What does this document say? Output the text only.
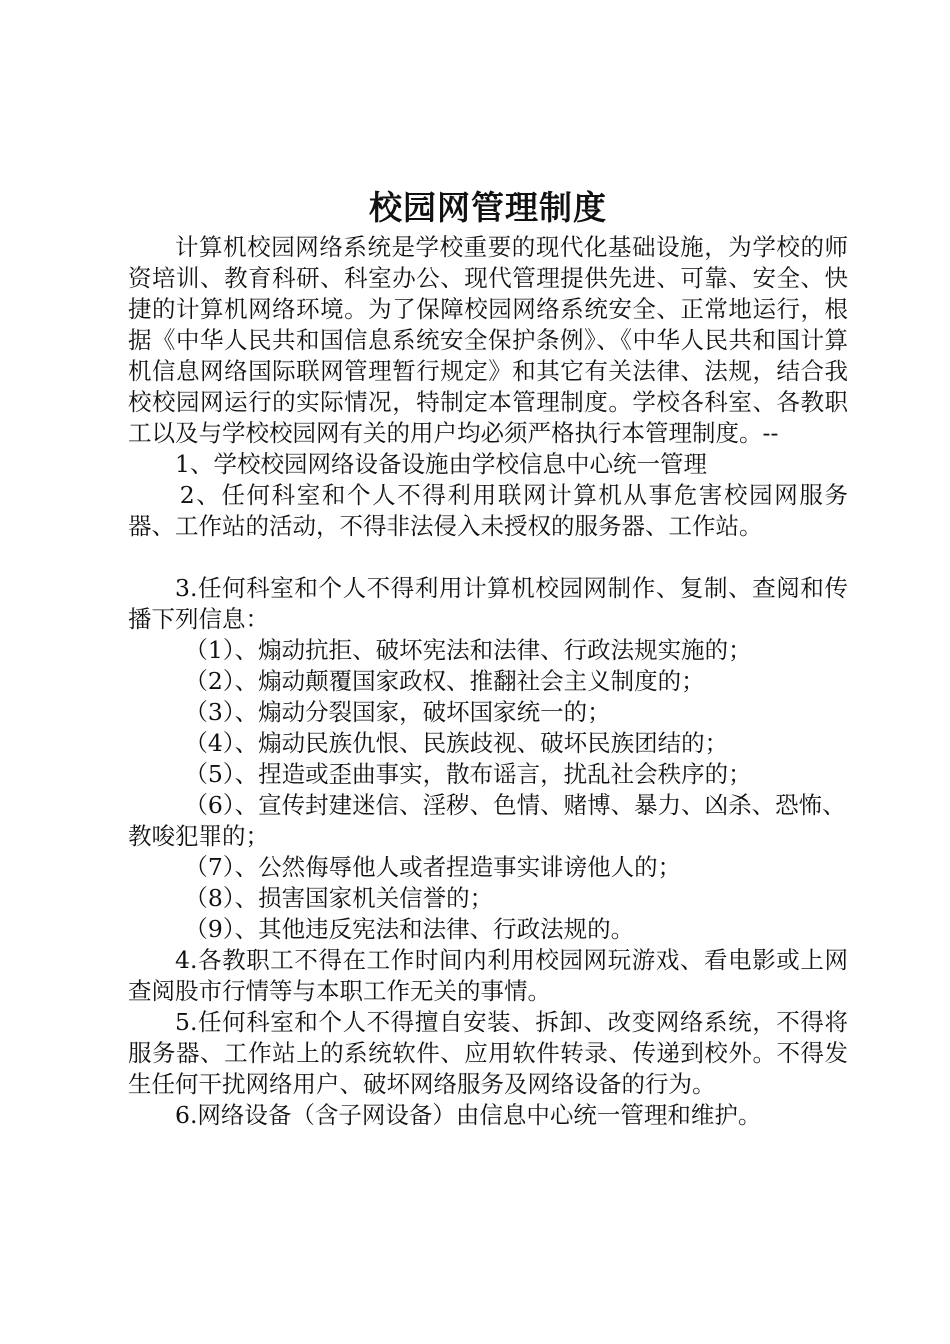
校园网管理制度

计算机校园网络系统是学校重要的现代化基础设施，为学校的师资培训、教育科研、科室办公、现代管理提供先进、可靠、安全、快捷的计算机网络环境。为了保障校园网络系统安全、正常地运行，根据《中华人民共和国信息系统安全保护条例》、《中华人民共和国计算机信息网络国际联网管理暂行规定》和其它有关法律、法规，结合我校校园网运行的实际情况，特制定本管理制度。学校各科室、各教职工以及与学校校园网有关的用户均必须严格执行本管理制度。--

1、学校校园网络设备设施由学校信息中心统一管理

2、任何科室和个人不得利用联网计算机从事危害校园网服务器、工作站的活动，不得非法侵入未授权的服务器、工作站。

3.任何科室和个人不得利用计算机校园网制作、复制、查阅和传播下列信息：

（1）、煽动抗拒、破坏宪法和法律、行政法规实施的；

（2）、煽动颠覆国家政权、推翻社会主义制度的；

（3）、煽动分裂国家，破坏国家统一的；

（4）、煽动民族仇恨、民族歧视、破坏民族团结的；

（5）、捏造或歪曲事实，散布谣言，扰乱社会秩序的；

（6）、宣传封建迷信、淫秽、色情、赌博、暴力、凶杀、恐怖、教唆犯罪的；

（7）、公然侮辱他人或者捏造事实诽谤他人的；

（8）、损害国家机关信誉的；

（9）、其他违反宪法和法律、行政法规的。

4.各教职工不得在工作时间内利用校园网玩游戏、看电影或上网查阅股市行情等与本职工作无关的事情。

5.任何科室和个人不得擅自安装、拆卸、改变网络系统，不得将服务器、工作站上的系统软件、应用软件转录、传递到校外。不得发生任何干扰网络用户、破坏网络服务及网络设备的行为。

6.网络设备（含子网设备）由信息中心统一管理和维护。
